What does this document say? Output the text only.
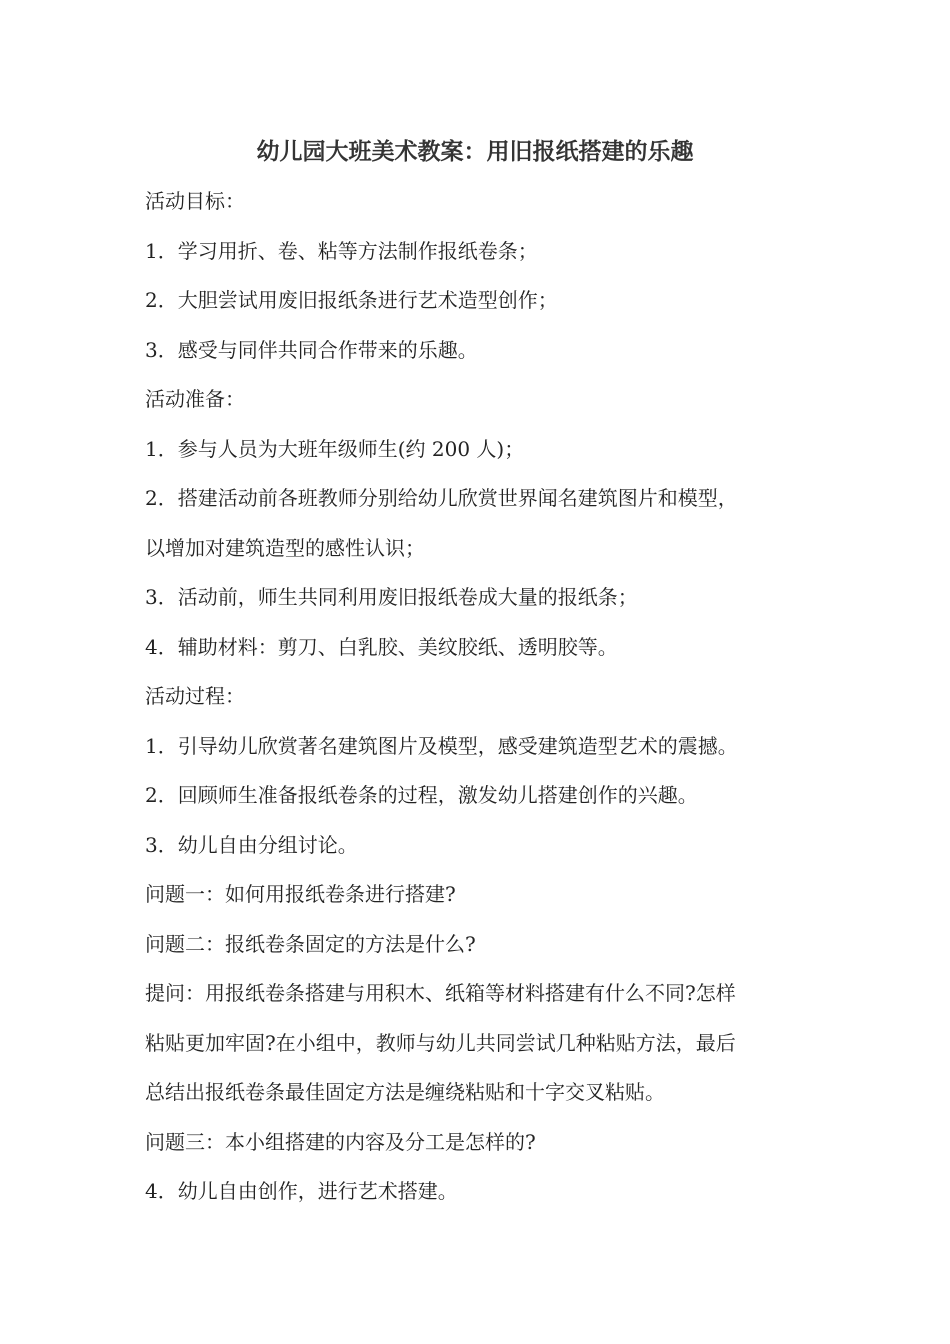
幼儿园大班美术教案：用旧报纸搭建的乐趣
活动目标：
1．学习用折、卷、粘等方法制作报纸卷条；
2．大胆尝试用废旧报纸条进行艺术造型创作；
3．感受与同伴共同合作带来的乐趣。
活动准备：
1．参与人员为大班年级师生(约 200 人)；
2．搭建活动前各班教师分别给幼儿欣赏世界闻名建筑图片和模型，
以增加对建筑造型的感性认识；
3．活动前，师生共同利用废旧报纸卷成大量的报纸条；
4．辅助材料：剪刀、白乳胶、美纹胶纸、透明胶等。
活动过程：
1．引导幼儿欣赏著名建筑图片及模型，感受建筑造型艺术的震撼。
2．回顾师生准备报纸卷条的过程，激发幼儿搭建创作的兴趣。
3．幼儿自由分组讨论。
问题一：如何用报纸卷条进行搭建?
问题二：报纸卷条固定的方法是什么?
提问：用报纸卷条搭建与用积木、纸箱等材料搭建有什么不同?怎样
粘贴更加牢固?在小组中，教师与幼儿共同尝试几种粘贴方法，最后
总结出报纸卷条最佳固定方法是缠绕粘贴和十字交叉粘贴。
问题三：本小组搭建的内容及分工是怎样的?
4．幼儿自由创作，进行艺术搭建。
